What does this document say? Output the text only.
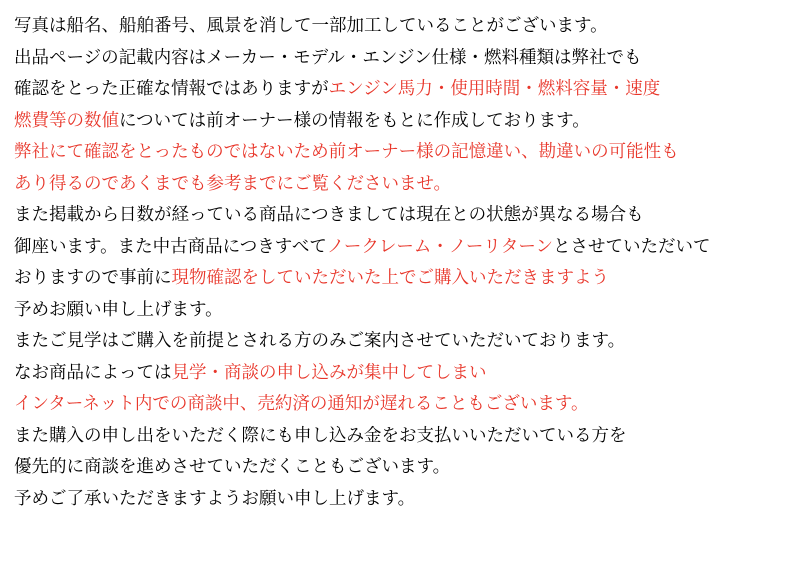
写真は船名、船舶番号、風景を消して一部加工していることがございます。
出品ページの記載内容はメーカー・モデル・エンジン仕様・燃料種類は弊社でも
確認をとった正確な情報ではありますがエンジン馬力・使用時間・燃料容量・速度
燃費等の数値については前オーナー様の情報をもとに作成しております。
弊社にて確認をとったものではないため前オーナー様の記憶違い、勘違いの可能性も
あり得るのであくまでも参考までにご覧くださいませ。
また掲載から日数が経っている商品につきましては現在との状態が異なる場合も
御座います。また中古商品につきすべてノークレーム・ノーリターンとさせていただいて
おりますので事前に現物確認をしていただいた上でご購入いただきますよう
予めお願い申し上げます。
またご見学はご購入を前提とされる方のみご案内させていただいております。
なお商品によっては見学・商談の申し込みが集中してしまい
インターネット内での商談中、売約済の通知が遅れることもございます。
また購入の申し出をいただく際にも申し込み金をお支払いいただいている方を
優先的に商談を進めさせていただくこともございます。
予めご了承いただきますようお願い申し上げます。
